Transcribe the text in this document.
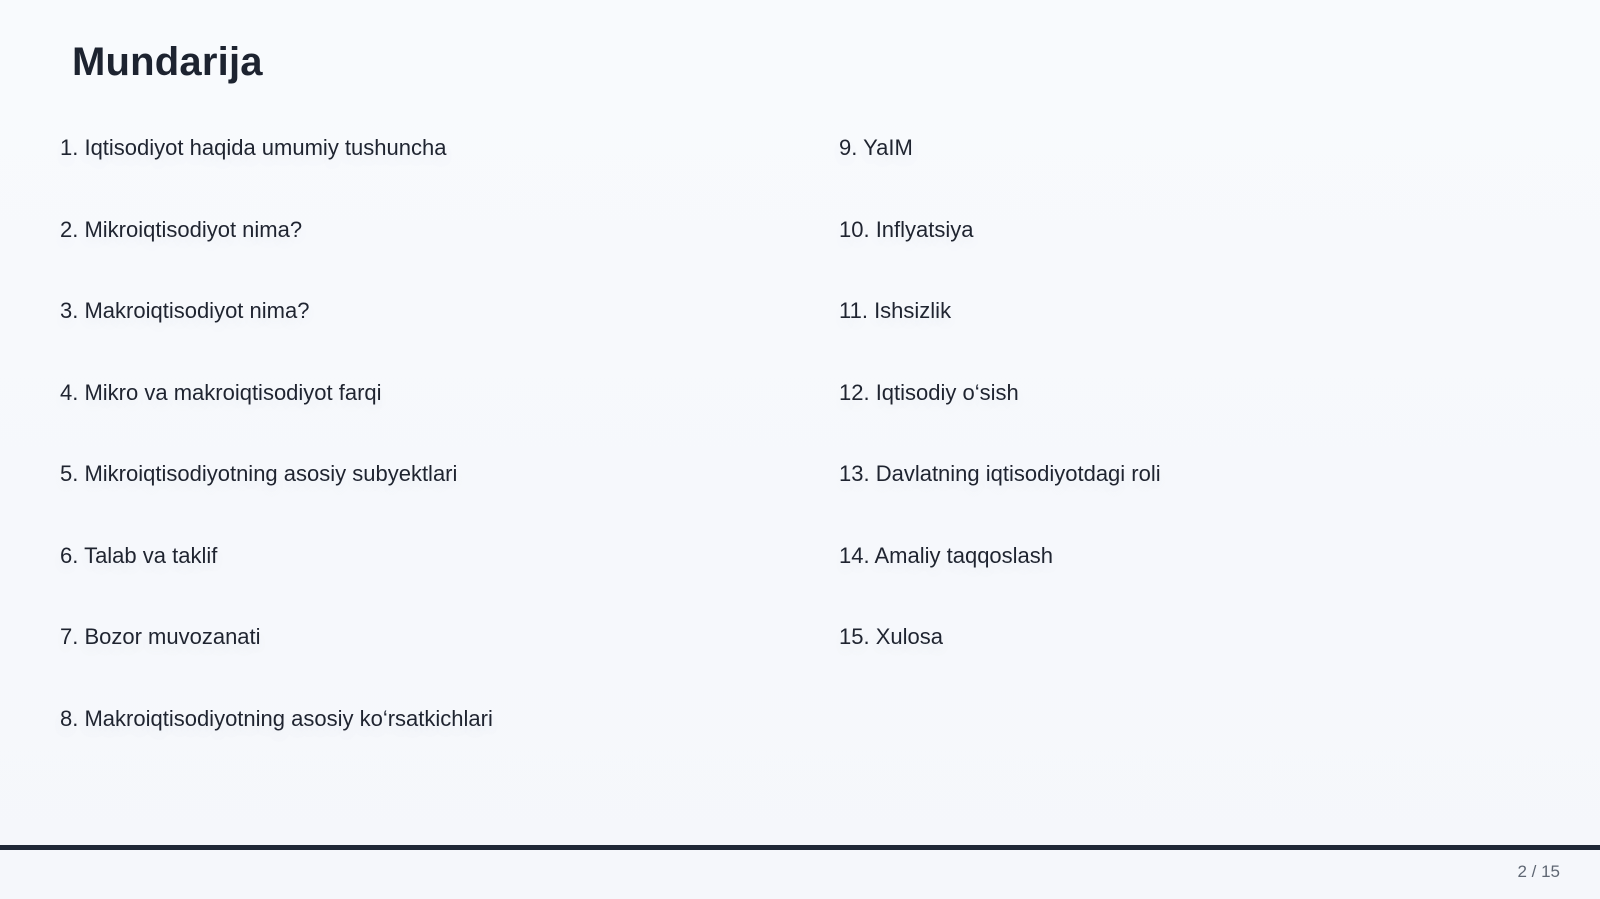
Mundarija
1. Iqtisodiyot haqida umumiy tushuncha
2. Mikroiqtisodiyot nima?
3. Makroiqtisodiyot nima?
4. Mikro va makroiqtisodiyot farqi
5. Mikroiqtisodiyotning asosiy subyektlari
6. Talab va taklif
7. Bozor muvozanati
8. Makroiqtisodiyotning asosiy ko‘rsatkichlari
9. YaIM
10. Inflyatsiya
11. Ishsizlik
12. Iqtisodiy o‘sish
13. Davlatning iqtisodiyotdagi roli
14. Amaliy taqqoslash
15. Xulosa
2 / 15
